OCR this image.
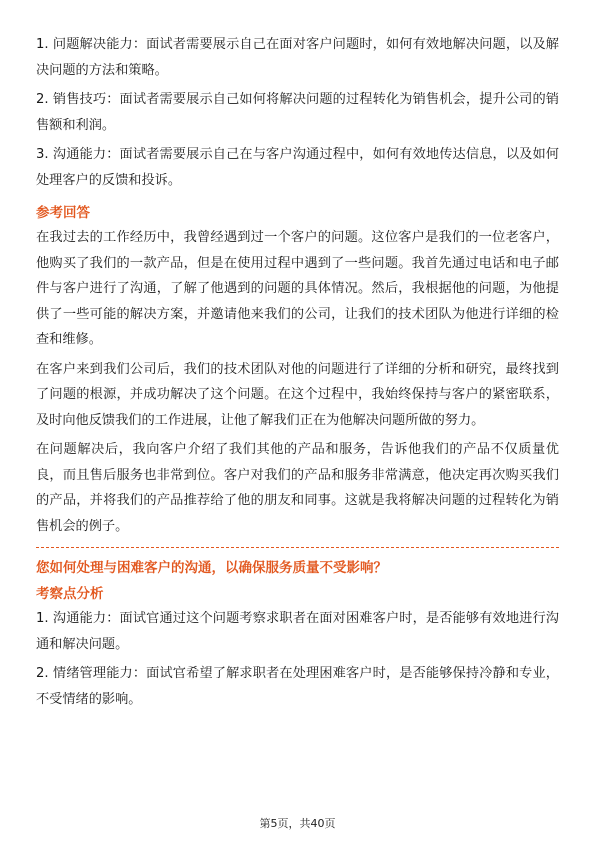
1. 问题解决能力：面试者需要展示自己在面对客户问题时，如何有效地解决问题，以及解决问题的方法和策略。

2. 销售技巧：面试者需要展示自己如何将解决问题的过程转化为销售机会，提升公司的销售额和利润。

3. 沟通能力：面试者需要展示自己在与客户沟通过程中，如何有效地传达信息，以及如何处理客户的反馈和投诉。

参考回答

在我过去的工作经历中，我曾经遇到过一个客户的问题。这位客户是我们的一位老客户，他购买了我们的一款产品，但是在使用过程中遇到了一些问题。我首先通过电话和电子邮件与客户进行了沟通，了解了他遇到的问题的具体情况。然后，我根据他的问题，为他提供了一些可能的解决方案，并邀请他来我们的公司，让我们的技术团队为他进行详细的检查和维修。

在客户来到我们公司后，我们的技术团队对他的问题进行了详细的分析和研究，最终找到了问题的根源，并成功解决了这个问题。在这个过程中，我始终保持与客户的紧密联系，及时向他反馈我们的工作进展，让他了解我们正在为他解决问题所做的努力。

在问题解决后，我向客户介绍了我们其他的产品和服务，告诉他我们的产品不仅质量优良，而且售后服务也非常到位。客户对我们的产品和服务非常满意，他决定再次购买我们的产品，并将我们的产品推荐给了他的朋友和同事。这就是我将解决问题的过程转化为销售机会的例子。

您如何处理与困难客户的沟通，以确保服务质量不受影响？

考察点分析

1. 沟通能力：面试官通过这个问题考察求职者在面对困难客户时，是否能够有效地进行沟通和解决问题。

2. 情绪管理能力：面试官希望了解求职者在处理困难客户时，是否能够保持冷静和专业，不受情绪的影响。

第5页，共40页
